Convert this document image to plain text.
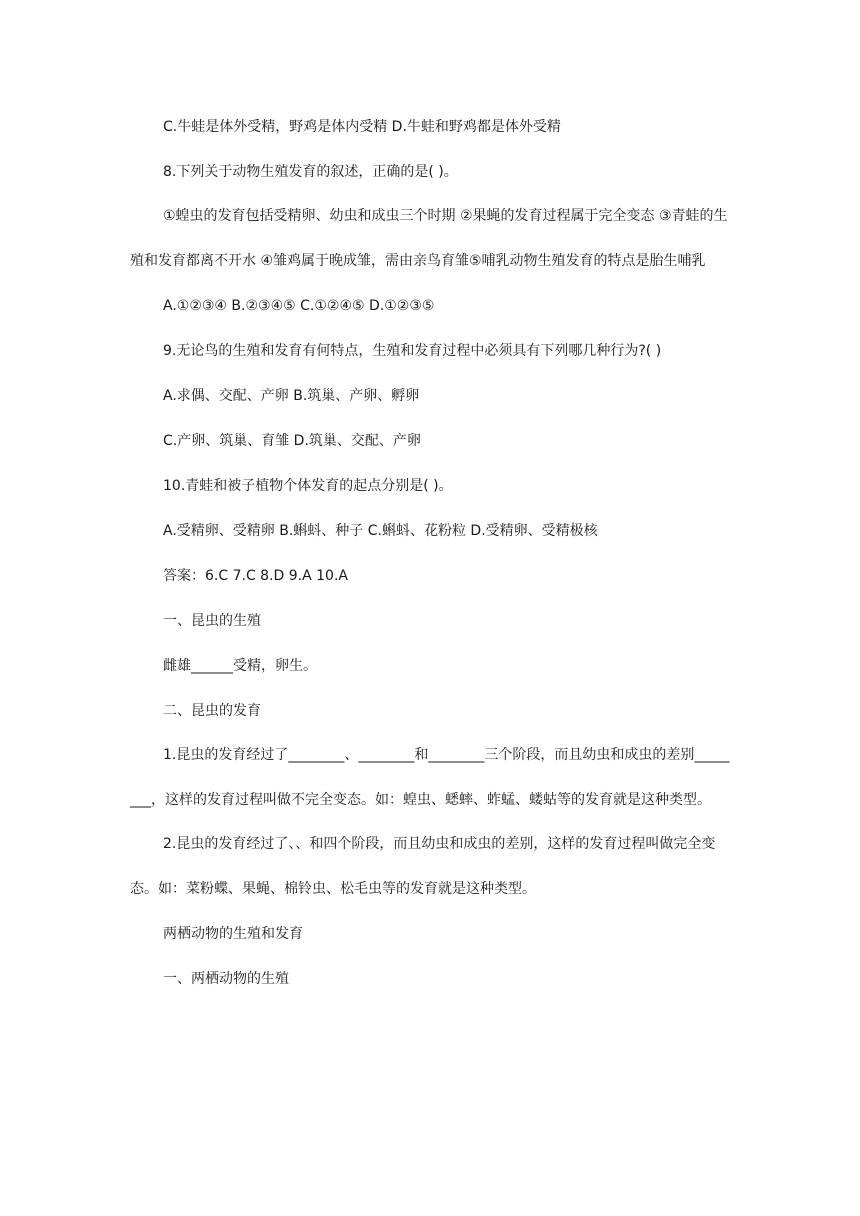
C.牛蛙是体外受精，野鸡是体内受精 D.牛蛙和野鸡都是体外受精

8.下列关于动物生殖发育的叙述，正确的是( )。

①蝗虫的发育包括受精卵、幼虫和成虫三个时期 ②果蝇的发育过程属于完全变态 ③青蛙的生殖和发育都离不开水 ④雏鸡属于晚成雏，需由亲鸟育雏⑤哺乳动物生殖发育的特点是胎生哺乳

A.①②③④ B.②③④⑤ C.①②④⑤ D.①②③⑤

9.无论鸟的生殖和发育有何特点，生殖和发育过程中必须具有下列哪几种行为?( )

A.求偶、交配、产卵 B.筑巢、产卵、孵卵

C.产卵、筑巢、育雏 D.筑巢、交配、产卵

10.青蛙和被子植物个体发育的起点分别是( )。

A.受精卵、受精卵 B.蝌蚪、种子 C.蝌蚪、花粉粒 D.受精卵、受精极核

答案：6.C 7.C 8.D 9.A 10.A

一、昆虫的生殖

雌雄______受精，卵生。

二、昆虫的发育

1.昆虫的发育经过了________、________和________三个阶段，而且幼虫和成虫的差别________，这样的发育过程叫做不完全变态。如：蝗虫、蟋蟀、蚱蜢、蝼蛄等的发育就是这种类型。

2.昆虫的发育经过了、、和四个阶段，而且幼虫和成虫的差别，这样的发育过程叫做完全变态。如：菜粉蝶、果蝇、棉铃虫、松毛虫等的发育就是这种类型。

两栖动物的生殖和发育

一、两栖动物的生殖
